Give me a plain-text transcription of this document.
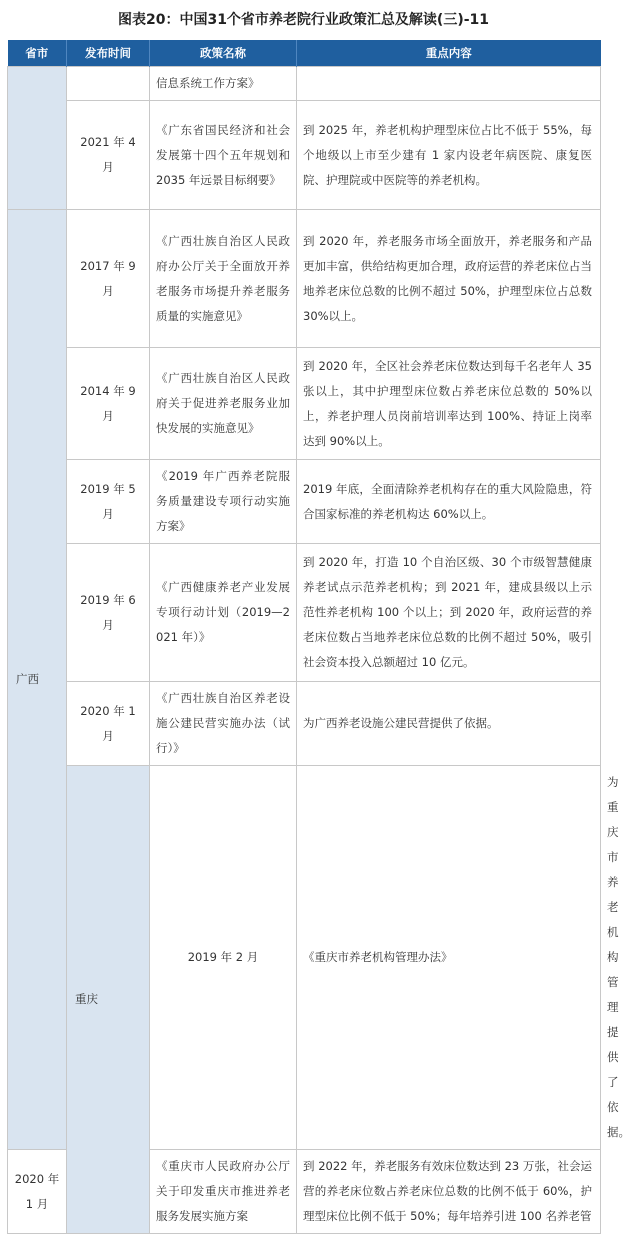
图表20：中国31个省市养老院行业政策汇总及解读(三)-11
省市	发布时间	政策名称	重点内容	
		信息系统工作方案》		
	2021 年 4 月	《广东省国民经济和社会发展第十四个五年规划和 2035 年远景目标纲要》	到 2025 年，养老机构护理型床位占比不低于 55%，每个地级以上市至少建有 1 家内设老年病医院、康复医院、护理院或中医院等的养老机构。	
广西	2017 年 9 月	《广西壮族自治区人民政府办公厅关于全面放开养老服务市场提升养老服务质量的实施意见》	到 2020 年，养老服务市场全面放开，养老服务和产品更加丰富，供给结构更加合理，政府运营的养老床位占当地养老床位总数的比例不超过 50%，护理型床位占总数 30%以上。	
	2014 年 9 月	《广西壮族自治区人民政府关于促进养老服务业加快发展的实施意见》	到 2020 年，全区社会养老床位数达到每千名老年人 35 张以上，其中护理型床位数占养老床位总数的 50%以上，养老护理人员岗前培训率达到 100%、持证上岗率达到 90%以上。	
	2019 年 5 月	《2019 年广西养老院服务质量建设专项行动实施方案》	2019 年底，全面清除养老机构存在的重大风险隐患，符合国家标准的养老机构达 60%以上。	
	2019 年 6 月	《广西健康养老产业发展专项行动计划（2019—2021 年）》	到 2020 年，打造 10 个自治区级、30 个市级智慧健康养老试点示范养老机构；到 2021 年，建成县级以上示范性养老机构 100 个以上；到 2020 年，政府运营的养老床位数占当地养老床位总数的比例不超过 50%，吸引社会资本投入总额超过 10 亿元。	
	2020 年 1 月	《广西壮族自治区养老设施公建民营实施办法（试行）》	为广西养老设施公建民营提供了依据。	
	重庆	2019 年 2 月	《重庆市养老机构管理办法》	为重庆市养老机构管理提供了依据。
2020 年 1 月		《重庆市人民政府办公厅关于印发重庆市推进养老服务发展实施方案	到 2022 年，养老服务有效床位数达到 23 万张，社会运营的养老床位数占养老床位总数的比例不低于 60%，护理型床位比例不低于 50%；每年培养引进 100 名养老管	
